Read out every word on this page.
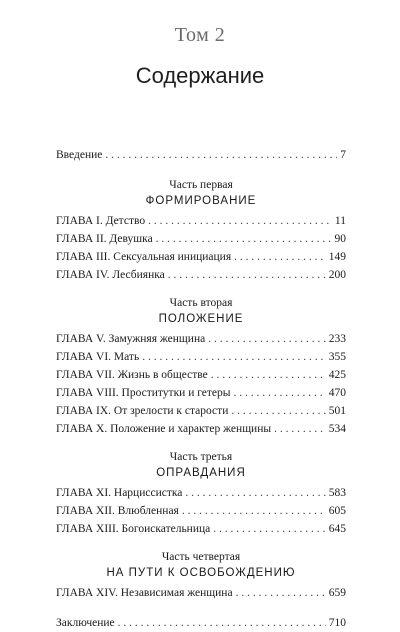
Том 2
Содержание
Введение . . .	7
Часть первая
ФОРМИРОВАНИЕ
ГЛАВА I. Детство . . .	11
ГЛАВА II. Девушка . . .	90
ГЛАВА III. Сексуальная инициация . . .	149
ГЛАВА IV. Лесбиянка . . .	200
Часть вторая
ПОЛОЖЕНИЕ
ГЛАВА V. Замужняя женщина . . .	233
ГЛАВА VI. Мать . . .	355
ГЛАВА VII. Жизнь в обществе . . .	425
ГЛАВА VIII. Проститутки и гетеры . . .	470
ГЛАВА IX. От зрелости к старости . . .	501
ГЛАВА X. Положение и характер женщины . . .	534
Часть третья
ОПРАВДАНИЯ
ГЛАВА XI. Нарциссистка . . .	583
ГЛАВА XII. Влюбленная . . .	605
ГЛАВА XIII. Богоискательница . . .	645
Часть четвертая
НА ПУТИ К ОСВОБОЖДЕНИЮ
ГЛАВА XIV. Независимая женщина . . .	659
Заключение . . .	710
